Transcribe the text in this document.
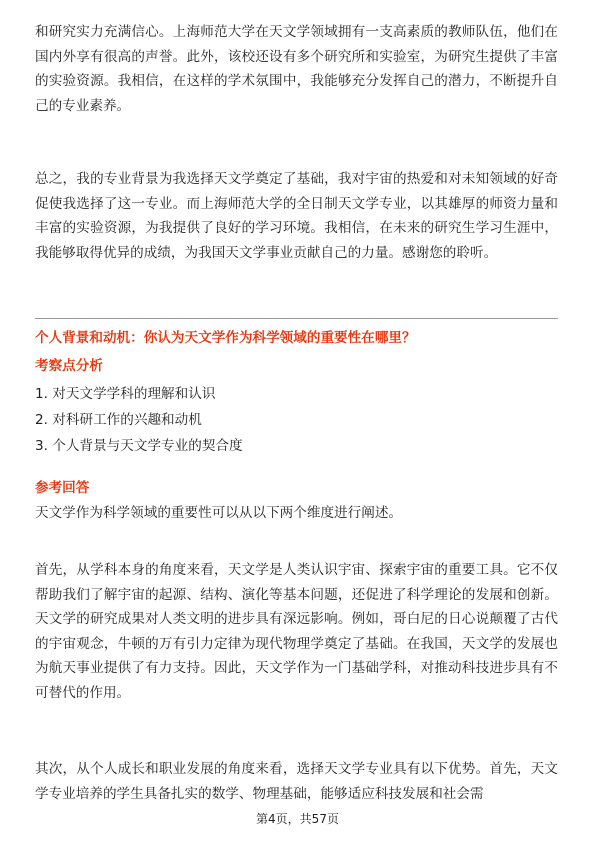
和研究实力充满信心。上海师范大学在天文学领域拥有一支高素质的教师队伍，他们在国内外享有很高的声誉。此外，该校还设有多个研究所和实验室，为研究生提供了丰富的实验资源。我相信，在这样的学术氛围中，我能够充分发挥自己的潜力，不断提升自己的专业素养。

总之，我的专业背景为我选择天文学奠定了基础，我对宇宙的热爱和对未知领域的好奇促使我选择了这一专业。而上海师范大学的全日制天文学专业，以其雄厚的师资力量和丰富的实验资源，为我提供了良好的学习环境。我相信，在未来的研究生学习生涯中，我能够取得优异的成绩，为我国天文学事业贡献自己的力量。感谢您的聆听。

个人背景和动机：你认为天文学作为科学领域的重要性在哪里？

考察点分析

1. 对天文学学科的理解和认识
2. 对科研工作的兴趣和动机
3. 个人背景与天文学专业的契合度

参考回答

天文学作为科学领域的重要性可以从以下两个维度进行阐述。

首先，从学科本身的角度来看，天文学是人类认识宇宙、探索宇宙的重要工具。它不仅帮助我们了解宇宙的起源、结构、演化等基本问题，还促进了科学理论的发展和创新。天文学的研究成果对人类文明的进步具有深远影响。例如，哥白尼的日心说颠覆了古代的宇宙观念，牛顿的万有引力定律为现代物理学奠定了基础。在我国，天文学的发展也为航天事业提供了有力支持。因此，天文学作为一门基础学科，对推动科技进步具有不可替代的作用。

其次，从个人成长和职业发展的角度来看，选择天文学专业具有以下优势。首先，天文学专业培养的学生具备扎实的数学、物理基础，能够适应科技发展和社会需

第4页，共57页
